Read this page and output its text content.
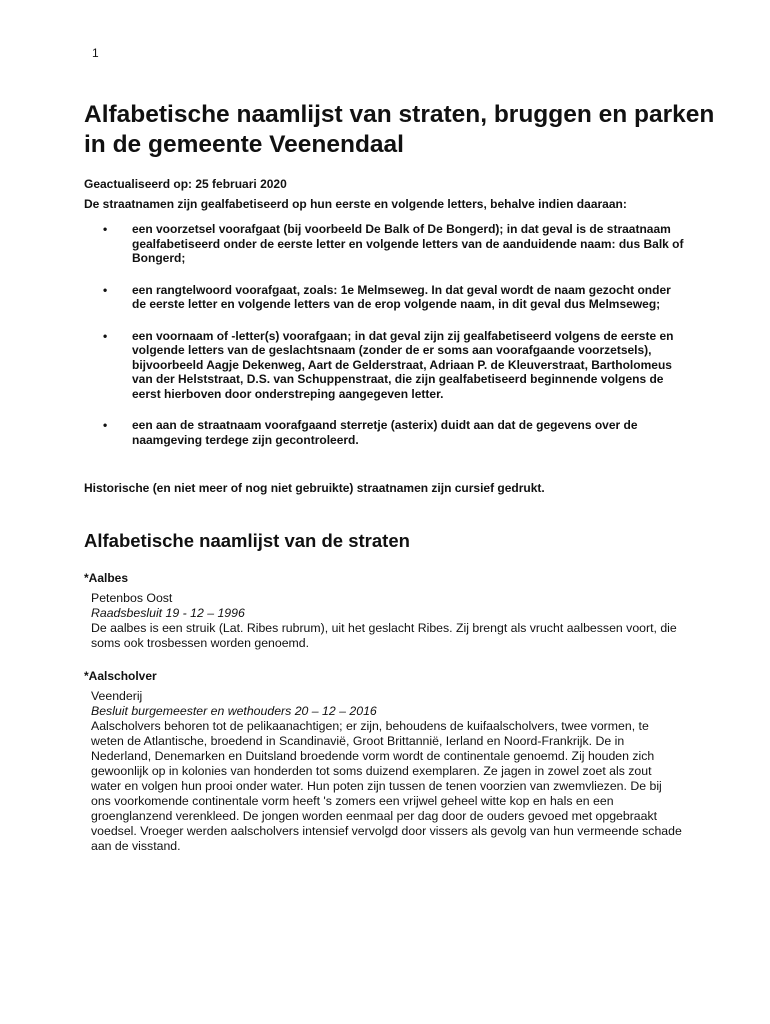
1
Alfabetische naamlijst van straten, bruggen en parken in de gemeente Veenendaal
Geactualiseerd op: 25 februari 2020
De straatnamen zijn gealfabetiseerd op hun eerste en volgende letters, behalve indien daaraan:
• een voorzetsel voorafgaat (bij voorbeeld De Balk of De Bongerd); in dat geval is de straatnaam gealfabetiseerd onder de eerste letter en volgende letters van de aanduidende naam: dus Balk of Bongerd;
• een rangtelwoord voorafgaat, zoals: 1e Melmseweg. In dat geval wordt de naam gezocht onder de eerste letter en volgende letters van de erop volgende naam, in dit geval dus Melmseweg;
• een voornaam of -letter(s) voorafgaan; in dat geval zijn zij gealfabetiseerd volgens de eerste en volgende letters van de geslachtsnaam (zonder de er soms aan voorafgaande voorzetsels), bijvoorbeeld Aagje Dekenweg, Aart de Gelderstraat, Adriaan P. de Kleuverstraat, Bartholomeus van der Helststraat, D.S. van Schuppenstraat, die zijn gealfabetiseerd beginnende volgens de eerst hierboven door onderstreping aangegeven letter.
• een aan de straatnaam voorafgaand sterretje (asterix) duidt aan dat de gegevens over de naamgeving terdege zijn gecontroleerd.
Historische (en niet meer of nog niet gebruikte) straatnamen zijn cursief gedrukt.
Alfabetische naamlijst van de straten
*Aalbes
Petenbos Oost
Raadsbesluit 19 - 12 – 1996
De aalbes is een struik (Lat. Ribes rubrum), uit het geslacht Ribes. Zij brengt als vrucht aalbessen voort, die soms ook trosbessen worden genoemd.
*Aalscholver
Veenderij
Besluit burgemeester en wethouders 20 – 12 – 2016
Aalscholvers behoren tot de pelikaanachtigen; er zijn, behoudens de kuifaalscholvers, twee vormen, te weten de Atlantische, broedend in Scandinavië, Groot Brittannië, Ierland en Noord-Frankrijk. De in Nederland, Denemarken en Duitsland broedende vorm wordt de continentale genoemd. Zij houden zich gewoonlijk op in kolonies van honderden tot soms duizend exemplaren. Ze jagen in zowel zoet als zout water en volgen hun prooi onder water. Hun poten zijn tussen de tenen voorzien van zwemvliezen. De bij ons voorkomende continentale vorm heeft 's zomers een vrijwel geheel witte kop en hals en een groenglanzend verenkleed. De jongen worden eenmaal per dag door de ouders gevoed met opgebraakt voedsel. Vroeger werden aalscholvers intensief vervolgd door vissers als gevolg van hun vermeende schade aan de visstand.
